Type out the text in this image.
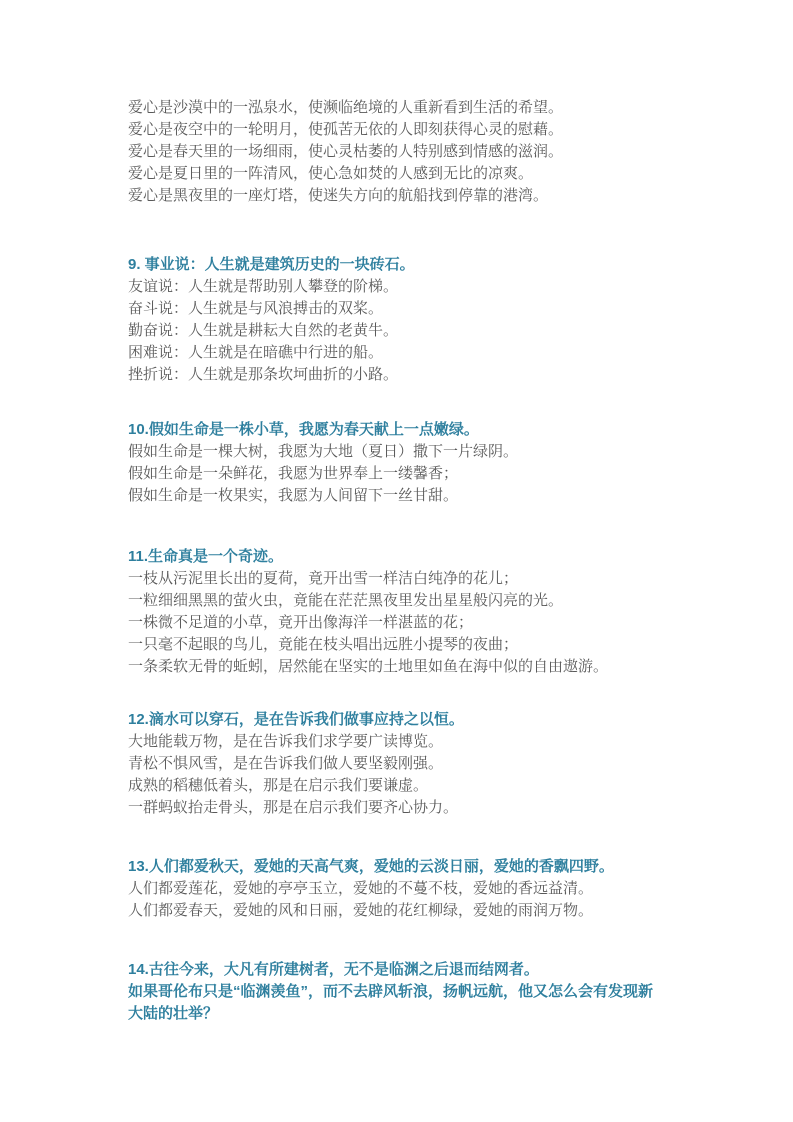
爱心是沙漠中的一泓泉水，使濒临绝境的人重新看到生活的希望。

爱心是夜空中的一轮明月，使孤苦无依的人即刻获得心灵的慰藉。

爱心是春天里的一场细雨，使心灵枯萎的人特别感到情感的滋润。

爱心是夏日里的一阵清风，使心急如焚的人感到无比的凉爽。

爱心是黑夜里的一座灯塔，使迷失方向的航船找到停靠的港湾。

9. 事业说：人生就是建筑历史的一块砖石。

友谊说：人生就是帮助别人攀登的阶梯。

奋斗说：人生就是与风浪搏击的双桨。

勤奋说：人生就是耕耘大自然的老黄牛。

困难说：人生就是在暗礁中行进的船。

挫折说：人生就是那条坎坷曲折的小路。

10.假如生命是一株小草，我愿为春天献上一点嫩绿。

假如生命是一棵大树，我愿为大地（夏日）撒下一片绿阴。

假如生命是一朵鲜花，我愿为世界奉上一缕馨香；

假如生命是一枚果实，我愿为人间留下一丝甘甜。

11.生命真是一个奇迹。

一枝从污泥里长出的夏荷，竟开出雪一样洁白纯净的花儿；

一粒细细黑黑的萤火虫，竟能在茫茫黑夜里发出星星般闪亮的光。

一株微不足道的小草，竟开出像海洋一样湛蓝的花；

一只毫不起眼的鸟儿，竟能在枝头唱出远胜小提琴的夜曲；

一条柔软无骨的蚯蚓，居然能在坚实的土地里如鱼在海中似的自由遨游。

12.滴水可以穿石，是在告诉我们做事应持之以恒。

大地能载万物，是在告诉我们求学要广读博览。

青松不惧风雪，是在告诉我们做人要坚毅刚强。

成熟的稻穗低着头，那是在启示我们要谦虚。

一群蚂蚁抬走骨头，那是在启示我们要齐心协力。

13.人们都爱秋天，爱她的天高气爽，爱她的云淡日丽，爱她的香飘四野。

人们都爱莲花，爱她的亭亭玉立，爱她的不蔓不枝，爱她的香远益清。

人们都爱春天，爱她的风和日丽，爱她的花红柳绿，爱她的雨润万物。

14.古往今来，大凡有所建树者，无不是临渊之后退而结网者。

如果哥伦布只是“临渊羡鱼”，而不去辟风斩浪，扬帆远航，他又怎么会有发现新

大陆的壮举？
